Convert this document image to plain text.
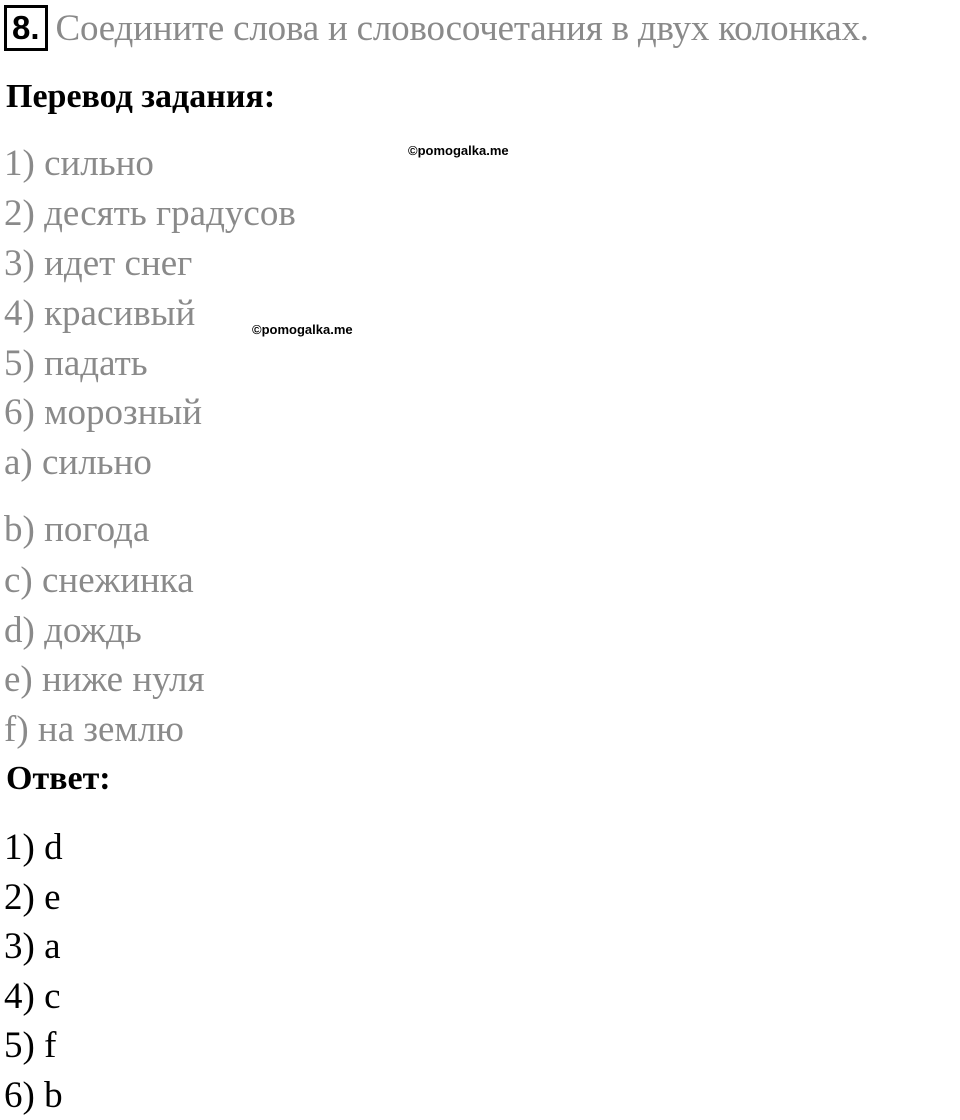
8. Соедините слова и словосочетания в двух колонках.
Перевод задания:
©pomogalka.me
©pomogalka.me
1) сильно
2) десять градусов
3) идет снег
4) красивый
5) падать
6) морозный
a) сильно
b) погода
c) снежинка
d) дождь
e) ниже нуля
f) на землю
Ответ:
1) d
2) e
3) a
4) c
5) f
6) b
